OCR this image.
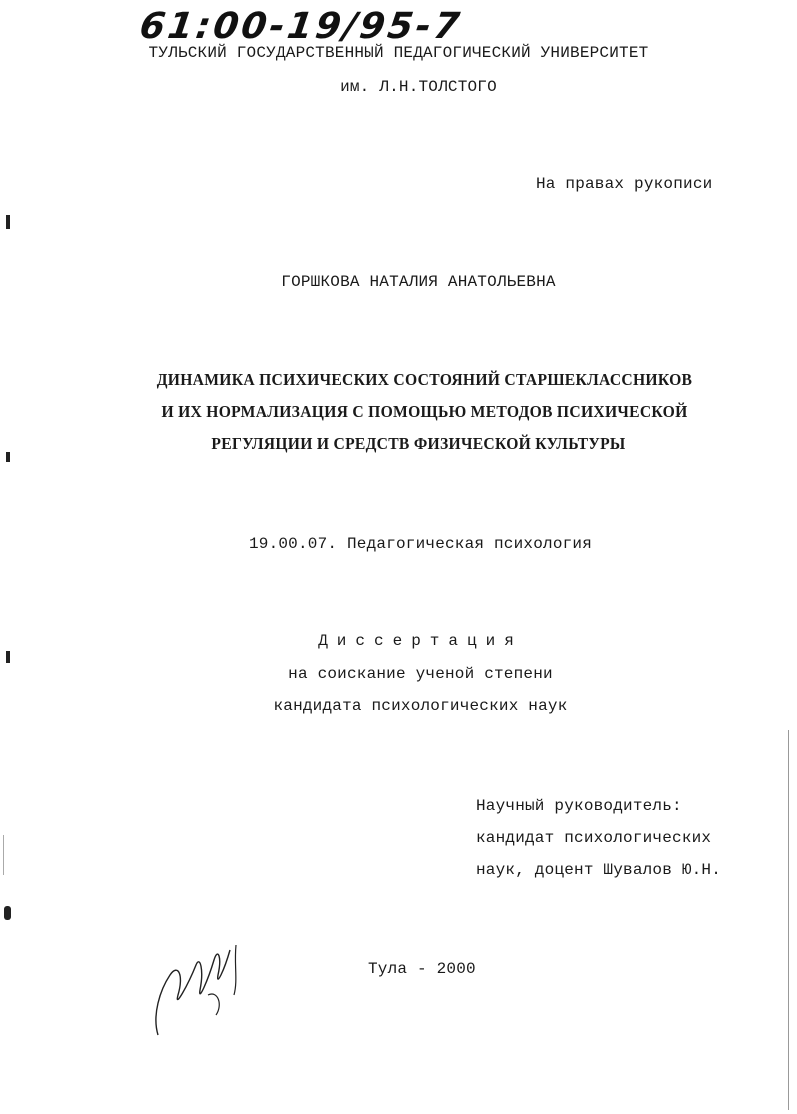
61:00-19/95-7
ТУЛЬСКИЙ ГОСУДАРСТВЕННЫЙ ПЕДАГОГИЧЕСКИЙ УНИВЕРСИТЕТ
им. Л.Н.ТОЛСТОГО
На правах рукописи
ГОРШКОВА НАТАЛИЯ АНАТОЛЬЕВНА
ДИНАМИКА ПСИХИЧЕСКИХ СОСТОЯНИЙ СТАРШЕКЛАССНИКОВ
И ИХ НОРМАЛИЗАЦИЯ С ПОМОЩЬЮ МЕТОДОВ ПСИХИЧЕСКОЙ
РЕГУЛЯЦИИ И СРЕДСТВ ФИЗИЧЕСКОЙ КУЛЬТУРЫ
19.00.07. Педагогическая психология
Диссертация
на соискание ученой степени
кандидата психологических наук
Научный руководитель:
кандидат психологических
наук, доцент Шувалов Ю.Н.
Тула - 2000
